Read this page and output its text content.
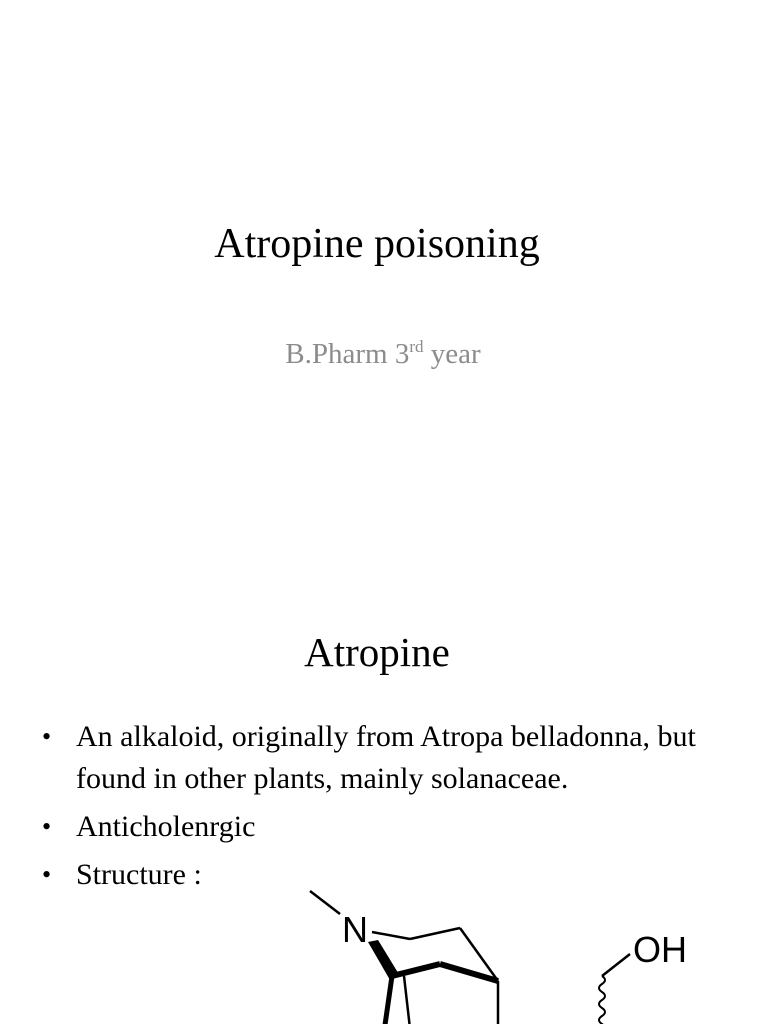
Atropine poisoning
B.Pharm 3rd year
Atropine
• An alkaloid, originally from Atropa belladonna, but found in other plants, mainly solanaceae.
• Anticholenrgic
• Structure :
N	OH
